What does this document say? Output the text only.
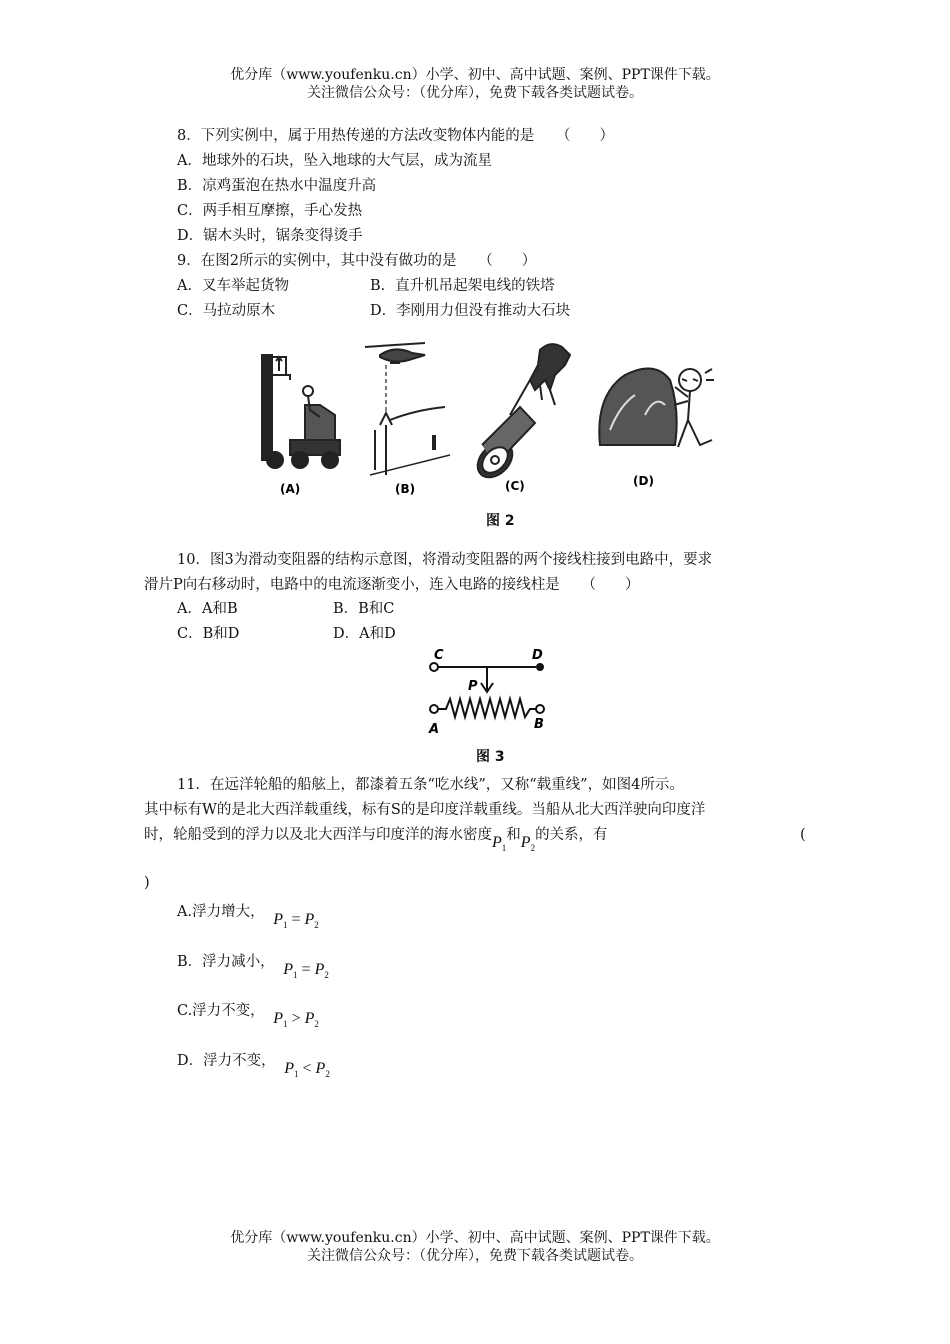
优分库（www.youfenku.cn）小学、初中、高中试题、案例、PPT课件下载。
关注微信公众号：（优分库），免费下载各类试题试卷。
8．下列实例中，属于用热传递的方法改变物体内能的是　　（　　）
A．地球外的石块，坠入地球的大气层，成为流星
B．凉鸡蛋泡在热水中温度升高
C．两手相互摩擦，手心发热
D．锯木头时，锯条变得烫手
9．在图2所示的实例中，其中没有做功的是　　（　　）
A．叉车举起货物	B．直升机吊起架电线的铁塔
C．马拉动原木	D．李刚用力但没有推动大石块
(A)	(B)	(C)	(D)
图 2
10．图3为滑动变阻器的结构示意图，将滑动变阻器的两个接线柱接到电路中，要求
滑片P向右移动时，电路中的电流逐渐变小，连入电路的接线柱是　　（　　）
A．A和B	B．B和C
C．B和D	D．A和D
C	D
P
A	B
图 3
11．在远洋轮船的船舷上，都漆着五条“吃水线”，又称“载重线”，如图4所示。
其中标有W的是北大西洋载重线，标有S的是印度洋载重线。当船从北大西洋驶向印度洋
时，轮船受到的浮力以及北大西洋与印度洋的海水密度$P_1$和$P_2$的关系，有	(
)
A.浮力增大， $P_1 = P_2$
B．浮力减小， $P_1 = P_2$
C.浮力不变， $P_1 > P_2$
D．浮力不变， $P_1 < P_2$
优分库（www.youfenku.cn）小学、初中、高中试题、案例、PPT课件下载。
关注微信公众号：（优分库），免费下载各类试题试卷。
